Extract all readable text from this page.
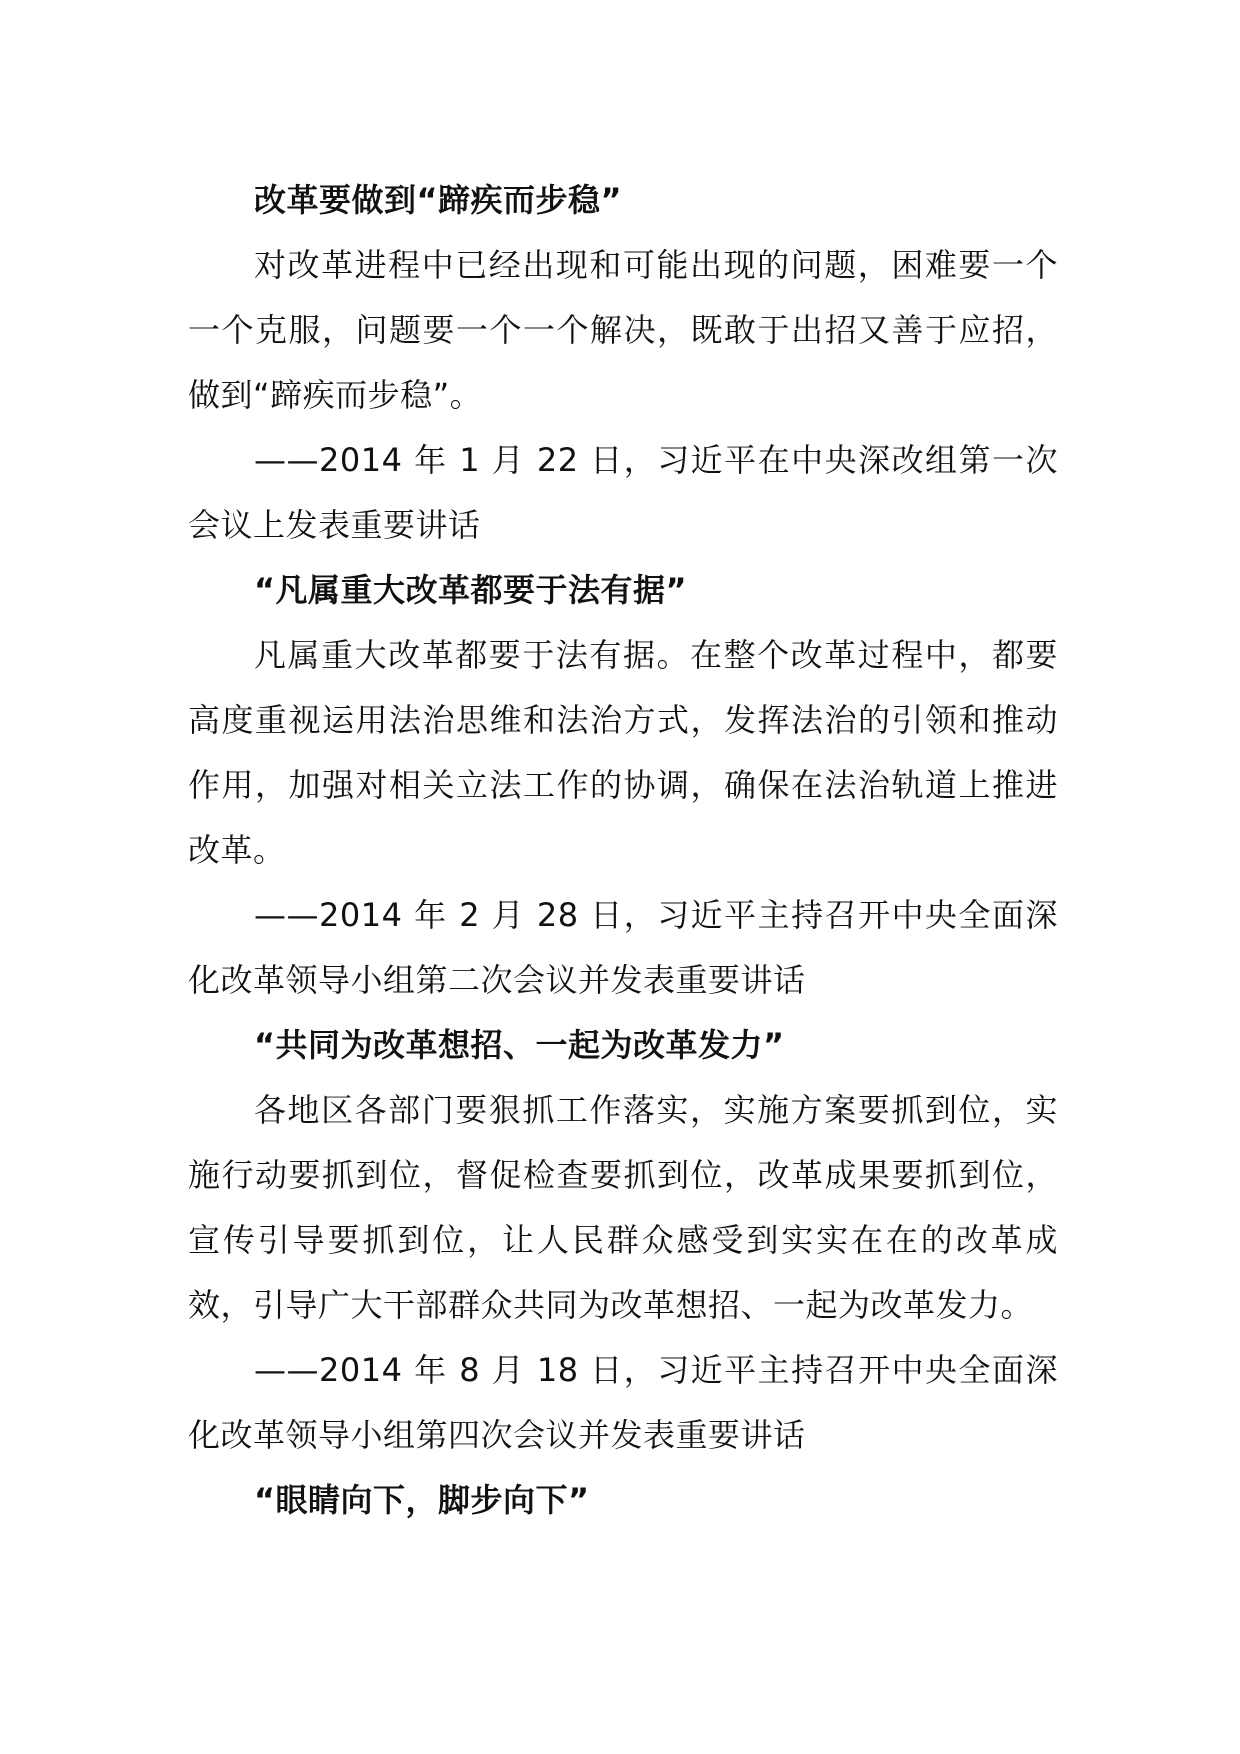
改革要做到“蹄疾而步稳”

对改革进程中已经出现和可能出现的问题，困难要一个一个克服，问题要一个一个解决，既敢于出招又善于应招，做到“蹄疾而步稳”。

——2014 年 1 月 22 日，习近平在中央深改组第一次会议上发表重要讲话

“凡属重大改革都要于法有据”

凡属重大改革都要于法有据。在整个改革过程中，都要高度重视运用法治思维和法治方式，发挥法治的引领和推动作用，加强对相关立法工作的协调，确保在法治轨道上推进改革。

——2014 年 2 月 28 日，习近平主持召开中央全面深化改革领导小组第二次会议并发表重要讲话

“共同为改革想招、一起为改革发力”

各地区各部门要狠抓工作落实，实施方案要抓到位，实施行动要抓到位，督促检查要抓到位，改革成果要抓到位，宣传引导要抓到位，让人民群众感受到实实在在的改革成效，引导广大干部群众共同为改革想招、一起为改革发力。

——2014 年 8 月 18 日，习近平主持召开中央全面深化改革领导小组第四次会议并发表重要讲话

“眼睛向下，脚步向下”
